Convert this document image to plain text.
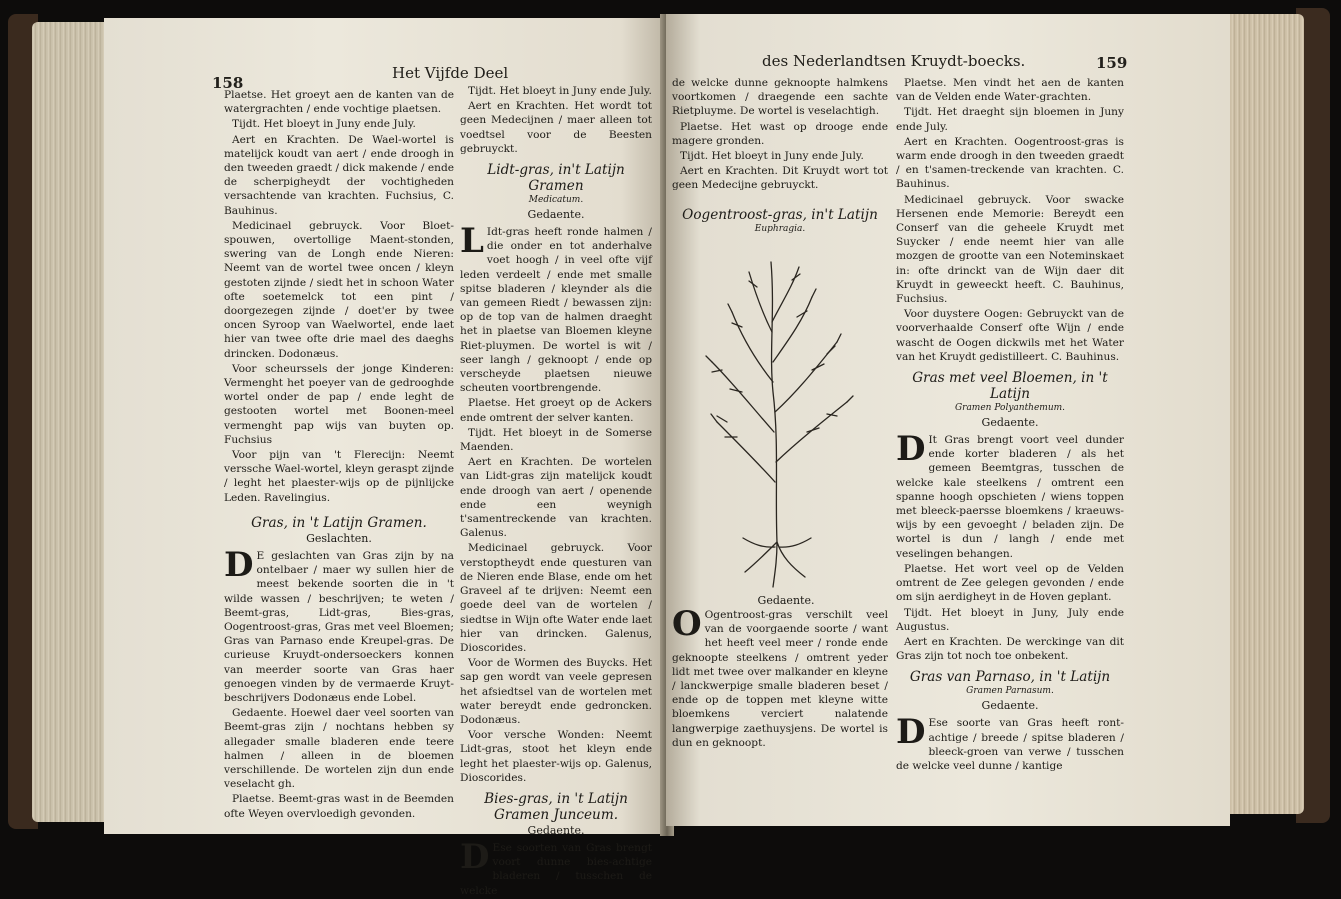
158
Het Vijfde Deel

Plaetse. Het groeyt aen de kanten van de watergrachten / ende vochtige plaetsen.

Tijdt. Het bloeyt in Juny ende July.

Aert en Krachten. De Wael-wortel is matelijck koudt van aert / ende droogh in den tweeden graedt / dick makende / ende de scherpigheydt der vochtigheden versachtende van krachten. Fuchsius, C. Bauhinus.

Medicinael gebruyck. Voor Bloet-spouwen, overtollige Maent-stonden, swering van de Longh ende Nieren: Neemt van de wortel twee oncen / kleyn gestoten zijnde / siedt het in schoon Water ofte soetemelck tot een pint / doorgezegen zijnde / doet'er by twee oncen Syroop van Waelwortel, ende laet hier van twee ofte drie mael des daeghs drincken. Dodonæus.

Voor scheurssels der jonge Kinderen: Vermenght het poeyer van de gedrooghde wortel onder de pap / ende leght de gestooten wortel met Boonen-meel vermenght pap wijs van buyten op. Fuchsius

Voor pijn van 't Flerecijn: Neemt verssche Wael-wortel, kleyn geraspt zijnde / leght het plaester-wijs op de pijnlijcke Leden. Ravelingius.

Gras, in 't Latijn Gramen.
Geslachten.

D E geslachten van Gras zijn by na ontelbaer / maer wy sullen hier de meest bekende soorten die in 't wilde wassen / beschrijven; te weten / Beemt-gras, Lidt-gras, Bies-gras, Oogentroost-gras, Gras met veel Bloemen; Gras van Parnaso ende Kreupel-gras. De curieuse Kruydt-ondersoeckers konnen van meerder soorte van Gras haer genoegen vinden by de vermaerde Kruyt-beschrijvers Dodonæus ende Lobel.

Gedaente. Hoewel daer veel soorten van Beemt-gras zijn / nochtans hebben sy allegader smalle bladeren ende teere halmen / alleen in de bloemen verschillende. De wortelen zijn dun ende veselacht gh.

Plaetse. Beemt-gras wast in de Beemden ofte Weyen overvloedigh gevonden.

Tijdt. Het bloeyt in Juny ende July.

Aert en Krachten. Het wordt tot geen Medecijnen / maer alleen tot voedtsel voor de Beesten gebruyckt.

Lidt-gras, in't Latijn Gramen
Medicatum.
Gedaente.

L Idt-gras heeft ronde halmen / die onder en tot anderhalve voet hoogh / in veel ofte vijf leden verdeelt / ende met smalle spitse bladeren / kleynder als die van gemeen Riedt / bewassen zijn: op de top van de halmen draeght het in plaetse van Bloemen kleyne Riet-pluymen. De wortel is wit / seer langh / geknoopt / ende op verscheyde plaetsen nieuwe scheuten voortbrengende.

Plaetse. Het groeyt op de Ackers ende omtrent der selver kanten.

Tijdt. Het bloeyt in de Somerse Maenden.

Aert en Krachten. De wortelen van Lidt-gras zijn matelijck koudt ende droogh van aert / openende ende een weynigh t'samentreckende van krachten. Galenus.

Medicinael gebruyck. Voor verstoptheydt ende questuren van de Nieren ende Blase, ende om het Graveel af te drijven: Neemt een goede deel van de wortelen / siedtse in Wijn ofte Water ende laet hier van drincken. Galenus, Dioscorides.

Voor de Wormen des Buycks. Het sap gen wordt van veele gepresen het afsiedtsel van de wortelen met water bereydt ende gedroncken. Dodonæus.

Voor versche Wonden: Neemt Lidt-gras, stoot het kleyn ende leght het plaester-wijs op. Galenus, Dioscorides.

Bies-gras, in 't Latijn Gramen Junceum.
Gedaente.

D Ese soorten van Gras brengt voort dunne bies-achtige bladeren / tusschen de welcke

des Nederlandtsen Kruydt-boecks.	159

de welcke dunne geknoopte halmkens voortkomen / draegende een sachte Rietpluyme. De wortel is veselachtigh.

Plaetse. Het wast op drooge ende magere gronden.

Tijdt. Het bloeyt in Juny ende July.

Aert en Krachten. Dit Kruydt wort tot geen Medecijne gebruyckt.

Oogentroost-gras, in't Latijn
Euphragia.
Gedaente.

O Ogentroost-gras verschilt veel van de voorgaende soorte / want het heeft veel meer / ronde ende geknoopte steelkens / omtrent yeder lidt met twee over malkander en kleyne / lanckwerpige smalle bladeren beset / ende op de toppen met kleyne witte bloemkens verciert nalatende langwerpige zaethuysjens. De wortel is dun en geknoopt.

Plaetse. Men vindt het aen de kanten van de Velden ende Water-grachten.

Tijdt. Het draeght sijn bloemen in Juny ende July.

Aert en Krachten. Oogentroost-gras is warm ende droogh in den tweeden graedt / en t'samen-treckende van krachten. C. Bauhinus.

Medicinael gebruyck. Voor swacke Hersenen ende Memorie: Bereydt een Conserf van die geheele Kruydt met Suycker / ende neemt hier van alle mozgen de grootte van een Noteminskaet in: ofte drinckt van de Wijn daer dit Kruydt in geweeckt heeft. C. Bauhinus, Fuchsius.

Voor duystere Oogen: Gebruyckt van de voorverhaalde Conserf ofte Wijn / ende wascht de Oogen dickwils met het Water van het Kruydt gedistilleert. C. Bauhinus.

Gras met veel Bloemen, in 't Latijn
Gramen Polyanthemum.
Gedaente.

D It Gras brengt voort veel dunder ende korter bladeren / als het gemeen Beemtgras, tusschen de welcke kale steelkens / omtrent een spanne hoogh opschieten / wiens toppen met bleeck-paersse bloemkens / kraeuws-wijs by een gevoeght / beladen zijn. De wortel is dun / langh / ende met veselingen behangen.

Plaetse. Het wort veel op de Velden omtrent de Zee gelegen gevonden / ende om sijn aerdigheyt in de Hoven geplant.

Tijdt. Het bloeyt in Juny, July ende Augustus.

Aert en Krachten. De werckinge van dit Gras zijn tot noch toe onbekent.

Gras van Parnaso, in 't Latijn
Gramen Parnasum.
Gedaente.

D Ese soorte van Gras heeft ront-achtige / breede / spitse bladeren / bleeck-groen van verwe / tusschen de welcke veel dunne / kantige
